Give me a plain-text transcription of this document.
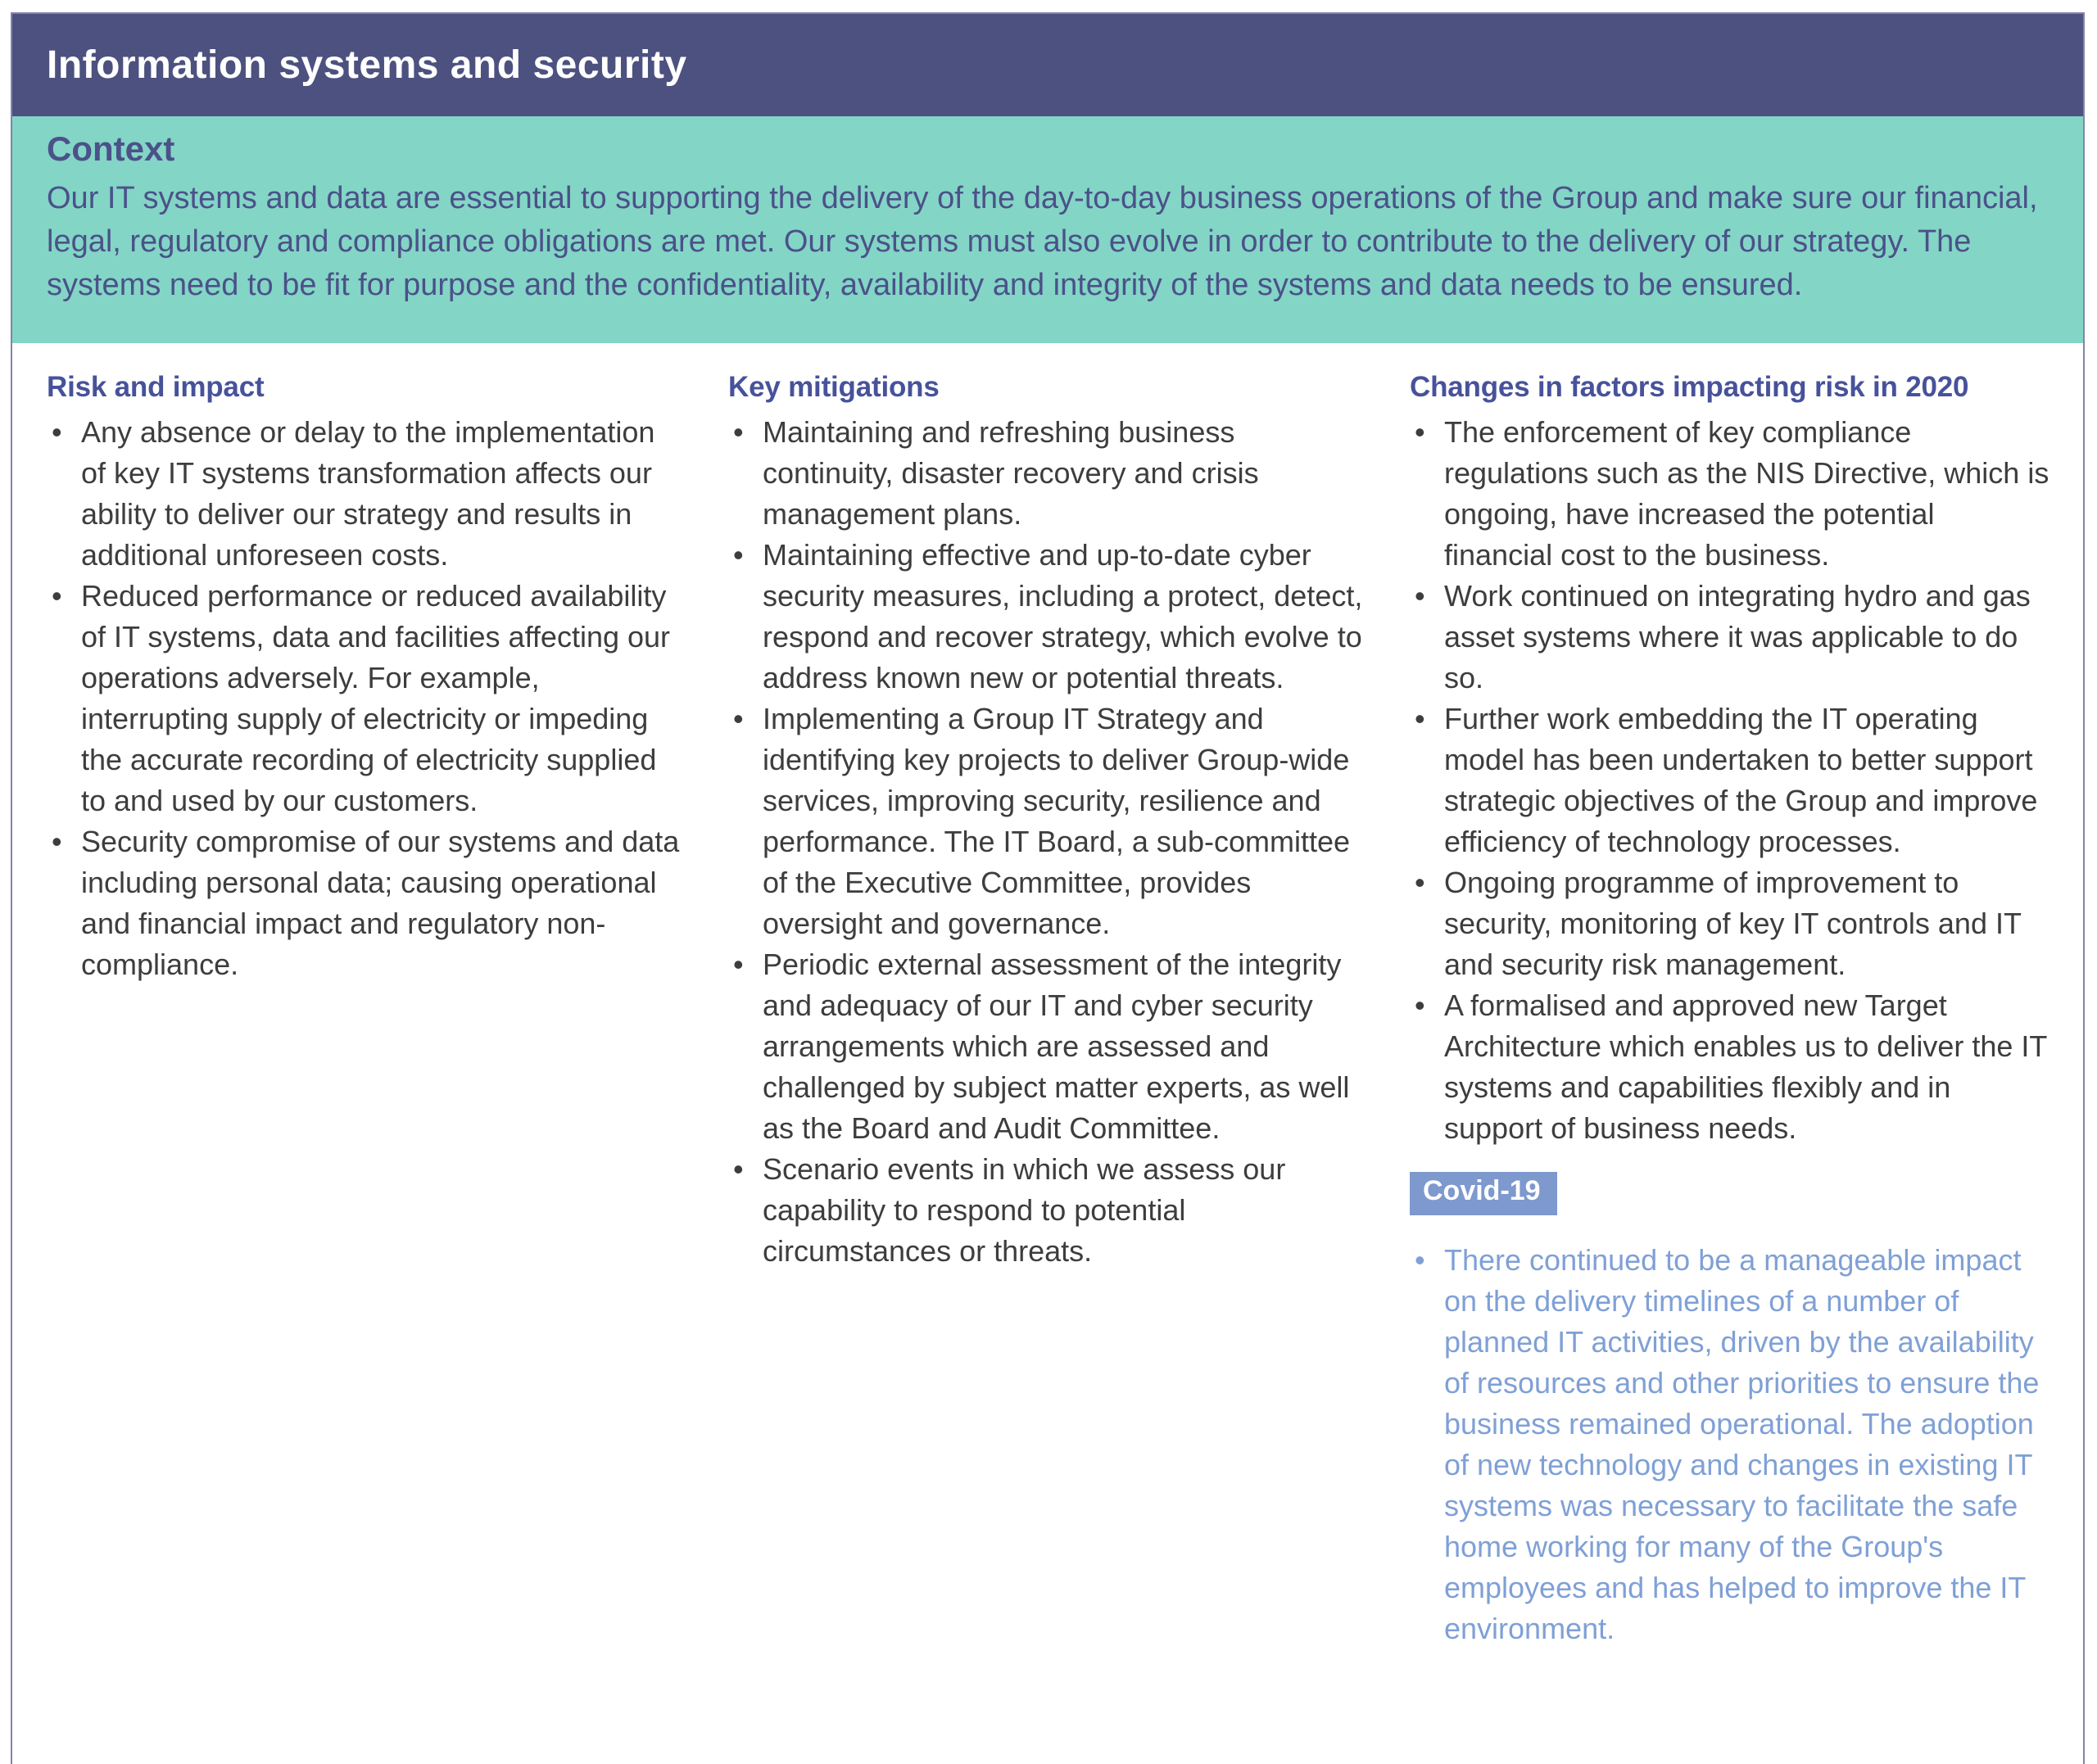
Information systems and security
Context

Our IT systems and data are essential to supporting the delivery of the day-to-day business operations of the Group and make sure our financial, legal, regulatory and compliance obligations are met. Our systems must also evolve in order to contribute to the delivery of our strategy. The systems need to be fit for purpose and the confidentiality, availability and integrity of the systems and data needs to be ensured.

Risk and impact
• Any absence or delay to the implementation of key IT systems transformation affects our ability to deliver our strategy and results in additional unforeseen costs.
• Reduced performance or reduced availability of IT systems, data and facilities affecting our operations adversely. For example, interrupting supply of electricity or impeding the accurate recording of electricity supplied to and used by our customers.
• Security compromise of our systems and data including personal data; causing operational and financial impact and regulatory non-compliance.
Key mitigations
• Maintaining and refreshing business continuity, disaster recovery and crisis management plans.
• Maintaining effective and up-to-date cyber security measures, including a protect, detect, respond and recover strategy, which evolve to address known new or potential threats.
• Implementing a Group IT Strategy and identifying key projects to deliver Group-wide services, improving security, resilience and performance. The IT Board, a sub-committee of the Executive Committee, provides oversight and governance.
• Periodic external assessment of the integrity and adequacy of our IT and cyber security arrangements which are assessed and challenged by subject matter experts, as well as the Board and Audit Committee.
• Scenario events in which we assess our capability to respond to potential circumstances or threats.
Changes in factors impacting risk in 2020
• The enforcement of key compliance regulations such as the NIS Directive, which is ongoing, have increased the potential financial cost to the business.
• Work continued on integrating hydro and gas asset systems where it was applicable to do so.
• Further work embedding the IT operating model has been undertaken to better support strategic objectives of the Group and improve efficiency of technology processes.
• Ongoing programme of improvement to security, monitoring of key IT controls and IT and security risk management.
• A formalised and approved new Target Architecture which enables us to deliver the IT systems and capabilities flexibly and in support of business needs.
Covid-19
• There continued to be a manageable impact on the delivery timelines of a number of planned IT activities, driven by the availability of resources and other priorities to ensure the business remained operational. The adoption of new technology and changes in existing IT systems was necessary to facilitate the safe home working for many of the Group's employees and has helped to improve the IT environment.
